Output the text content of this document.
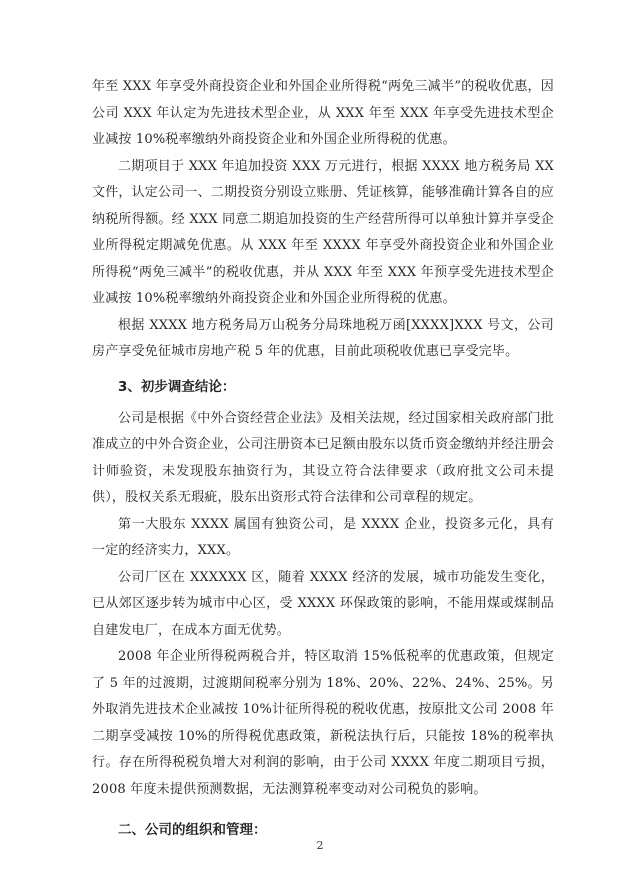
年至 XXX 年享受外商投资企业和外国企业所得税“两免三减半”的税收优惠，因公司 XXX 年认定为先进技术型企业，从 XXX 年至 XXX 年享受先进技术型企业减按 10%税率缴纳外商投资企业和外国企业所得税的优惠。

二期项目于 XXX 年追加投资 XXX 万元进行，根据 XXXX 地方税务局 XX 文件，认定公司一、二期投资分别设立账册、凭证核算，能够准确计算各自的应纳税所得额。经 XXX 同意二期追加投资的生产经营所得可以单独计算并享受企业所得税定期减免优惠。从 XXX 年至 XXXX 年享受外商投资企业和外国企业所得税“两免三减半”的税收优惠，并从 XXX 年至 XXX 年预享受先进技术型企业减按 10%税率缴纳外商投资企业和外国企业所得税的优惠。

根据 XXXX 地方税务局万山税务分局珠地税万函[XXXX]XXX 号文，公司房产享受免征城市房地产税 5 年的优惠，目前此项税收优惠已享受完毕。

3、初步调查结论：

公司是根据《中外合资经营企业法》及相关法规，经过国家相关政府部门批准成立的中外合资企业，公司注册资本已足额由股东以货币资金缴纳并经注册会计师验资，未发现股东抽资行为，其设立符合法律要求（政府批文公司未提供），股权关系无瑕疵，股东出资形式符合法律和公司章程的规定。

第一大股东 XXXX 属国有独资公司，是 XXXX 企业，投资多元化，具有一定的经济实力，XXX。

公司厂区在 XXXXXX 区，随着 XXXX 经济的发展，城市功能发生变化，已从郊区逐步转为城市中心区，受 XXXX 环保政策的影响，不能用煤或煤制品自建发电厂，在成本方面无优势。

2008 年企业所得税两税合并，特区取消 15%低税率的优惠政策，但规定了 5 年的过渡期，过渡期间税率分别为 18%、20%、22%、24%、25%。另外取消先进技术企业减按 10%计征所得税的税收优惠，按原批文公司 2008 年二期享受减按 10%的所得税优惠政策，新税法执行后，只能按 18%的税率执行。存在所得税税负增大对利润的影响，由于公司 XXXX 年度二期项目亏损，2008 年度未提供预测数据，无法测算税率变动对公司税负的影响。

二、公司的组织和管理：

2
